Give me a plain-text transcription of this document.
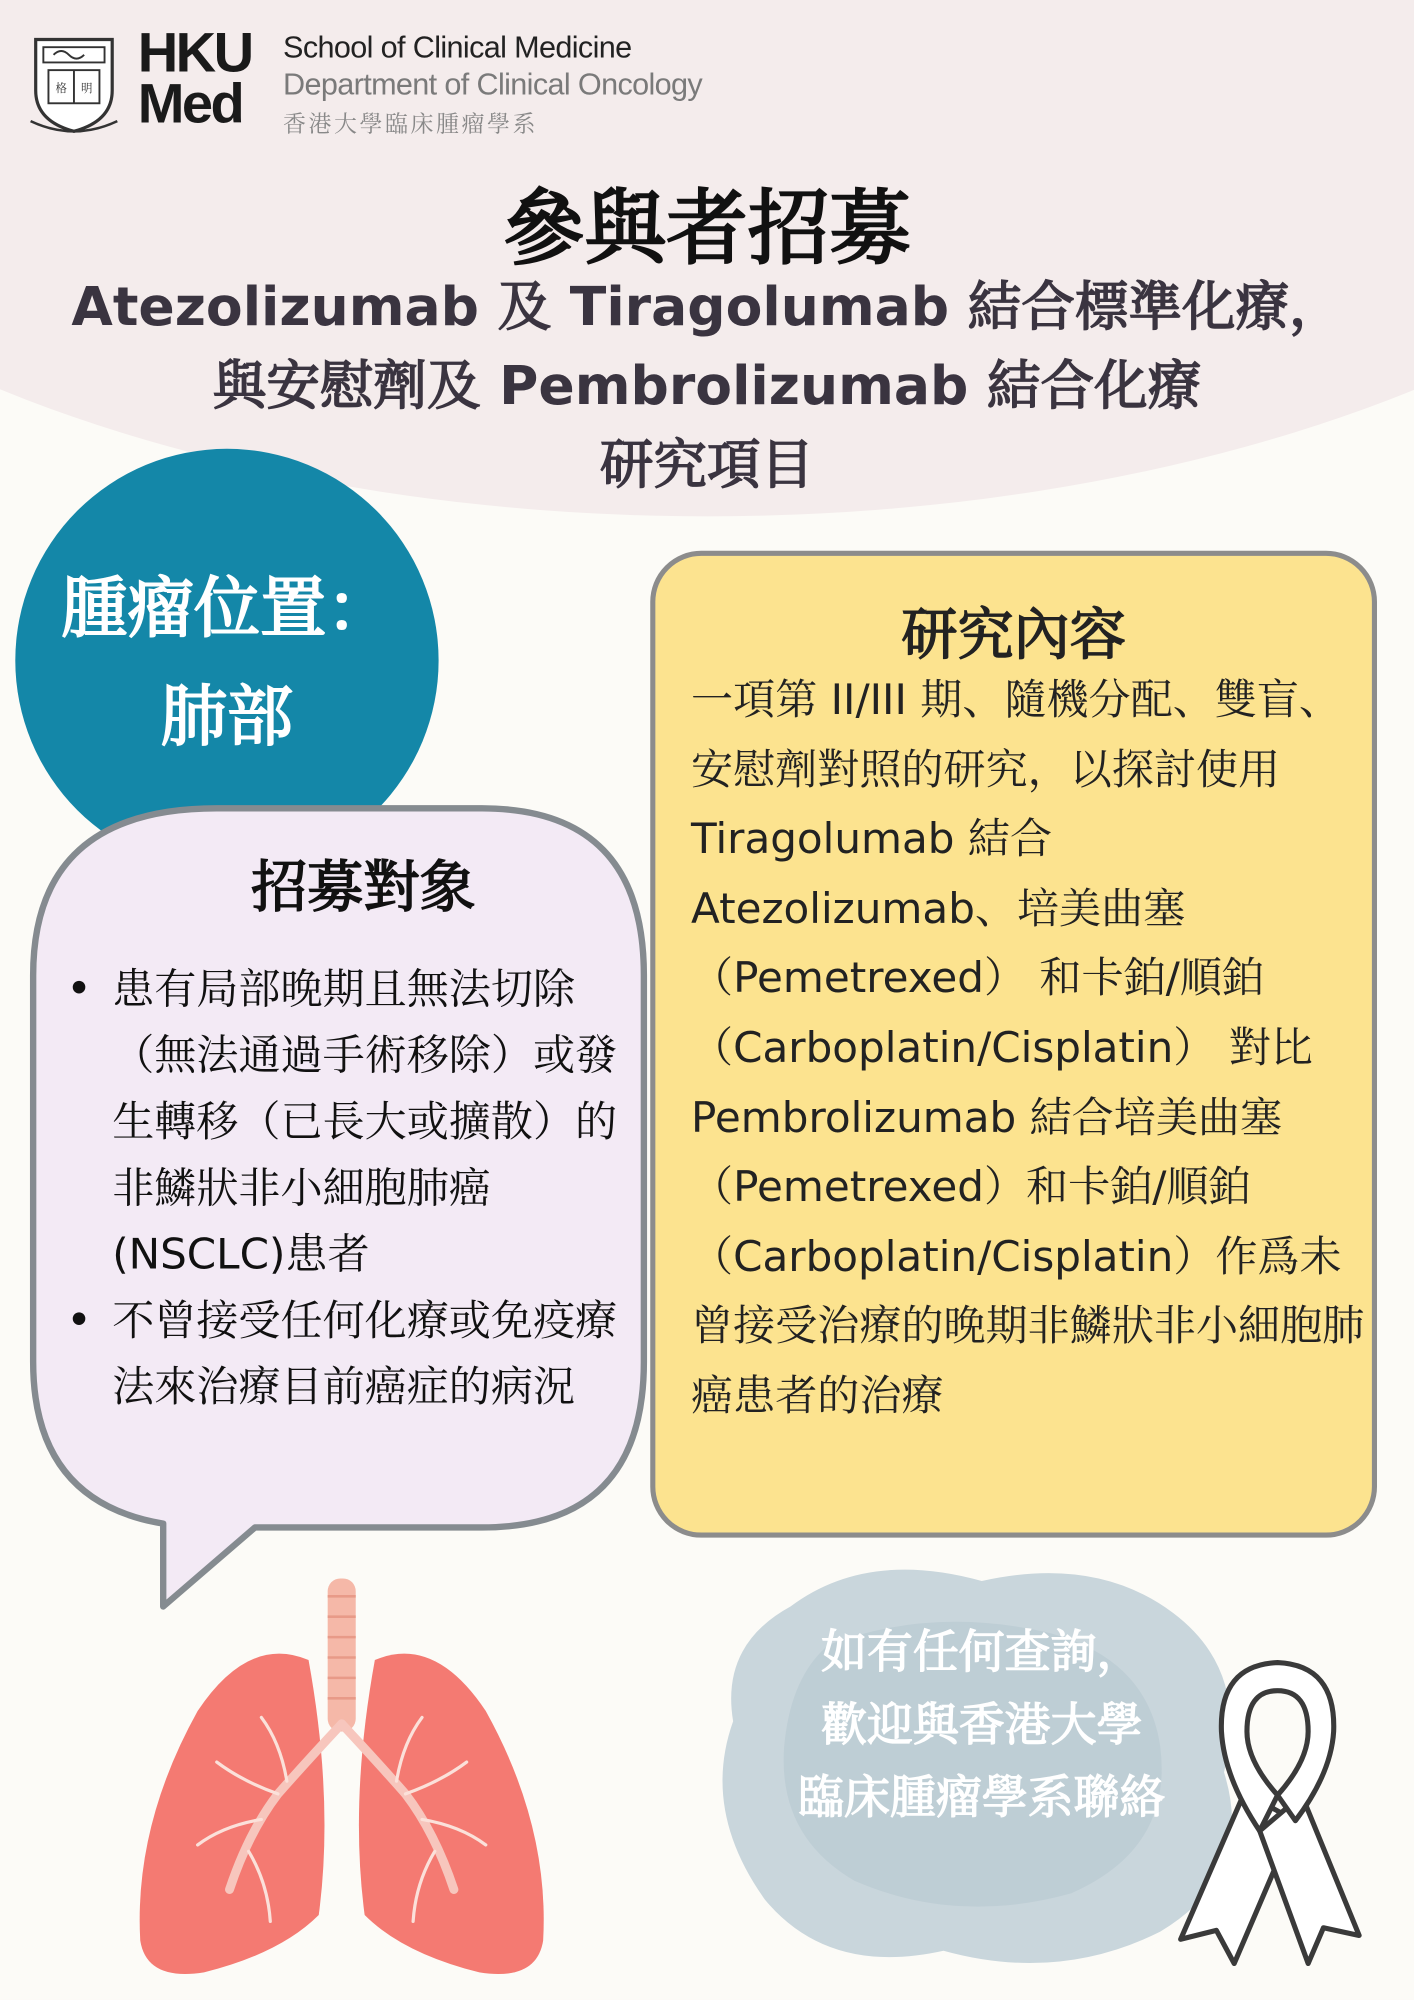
格 明
HKU Med
School of Clinical Medicine
Department of Clinical Oncology
香港大學臨床腫瘤學系
參與者招募
Atezolizumab 及 Tiragolumab 結合標準化療，
與安慰劑及 Pembrolizumab 結合化療
研究項目
腫瘤位置：
肺部
招募對象
• 患有局部晚期且無法切除（無法通過手術移除）或發生轉移（已長大或擴散）的非鱗狀非小細胞肺癌 (NSCLC)患者
• 不曾接受任何化療或免疫療法來治療目前癌症的病況
研究內容
一項第 II/III 期、隨機分配、雙盲、安慰劑對照的研究，以探討使用 Tiragolumab 結合 Atezolizumab、培美曲塞（Pemetrexed） 和卡鉑/順鉑（Carboplatin/Cisplatin） 對比 Pembrolizumab 結合培美曲塞（Pemetrexed）和卡鉑/順鉑（Carboplatin/Cisplatin）作爲未曾接受治療的晚期非鱗狀非小細胞肺癌患者的治療
如有任何查詢，
歡迎與香港大學
臨床腫瘤學系聯絡
